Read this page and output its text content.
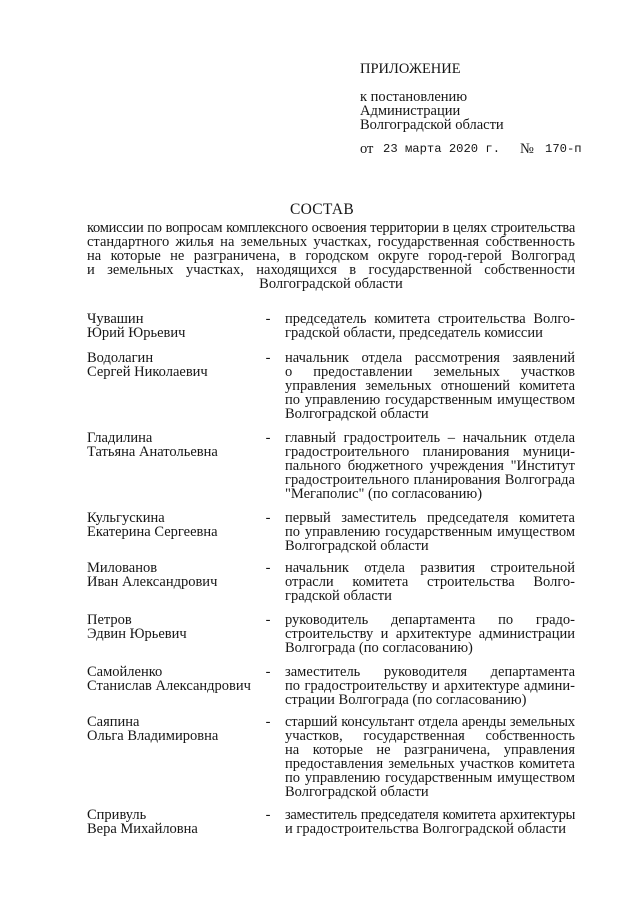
ПРИЛОЖЕНИЕ
к постановлению
Администрации
Волгоградской области
от 23 марта 2020 г. № 170-п
СОСТАВ
комиссии по вопросам комплексного освоения территории в целях строительства
стандартного жилья на земельных участках, государственная собственность
на которые не разграничена, в городском округе город-герой Волгоград
и земельных участках, находящихся в государственной собственности
Волгоградской области
Чувашин
Юрий Юрьевич
- председатель комитета строительства Волго-
градской области, председатель комиссии
Водолагин
Сергей Николаевич
- начальник отдела рассмотрения заявлений
о предоставлении земельных участков
управления земельных отношений комитета
по управлению государственным имуществом
Волгоградской области
Гладилина
Татьяна Анатольевна
- главный градостроитель – начальник отдела
градостроительного планирования муници-
пального бюджетного учреждения "Институт
градостроительного планирования Волгограда
"Мегаполис" (по согласованию)
Кульгускина
Екатерина Сергеевна
- первый заместитель председателя комитета
по управлению государственным имуществом
Волгоградской области
Милованов
Иван Александрович
- начальник отдела развития строительной
отрасли комитета строительства Волго-
градской области
Петров
Эдвин Юрьевич
- руководитель департамента по градо-
строительству и архитектуре администрации
Волгограда (по согласованию)
Самойленко
Станислав Александрович
- заместитель руководителя департамента
по градостроительству и архитектуре админи-
страции Волгограда (по согласованию)
Саяпина
Ольга Владимировна
- старший консультант отдела аренды земельных
участков, государственная собственность
на которые не разграничена, управления
предоставления земельных участков комитета
по управлению государственным имуществом
Волгоградской области
Спривуль
Вера Михайловна
- заместитель председателя комитета архитектуры
и градостроительства Волгоградской области
